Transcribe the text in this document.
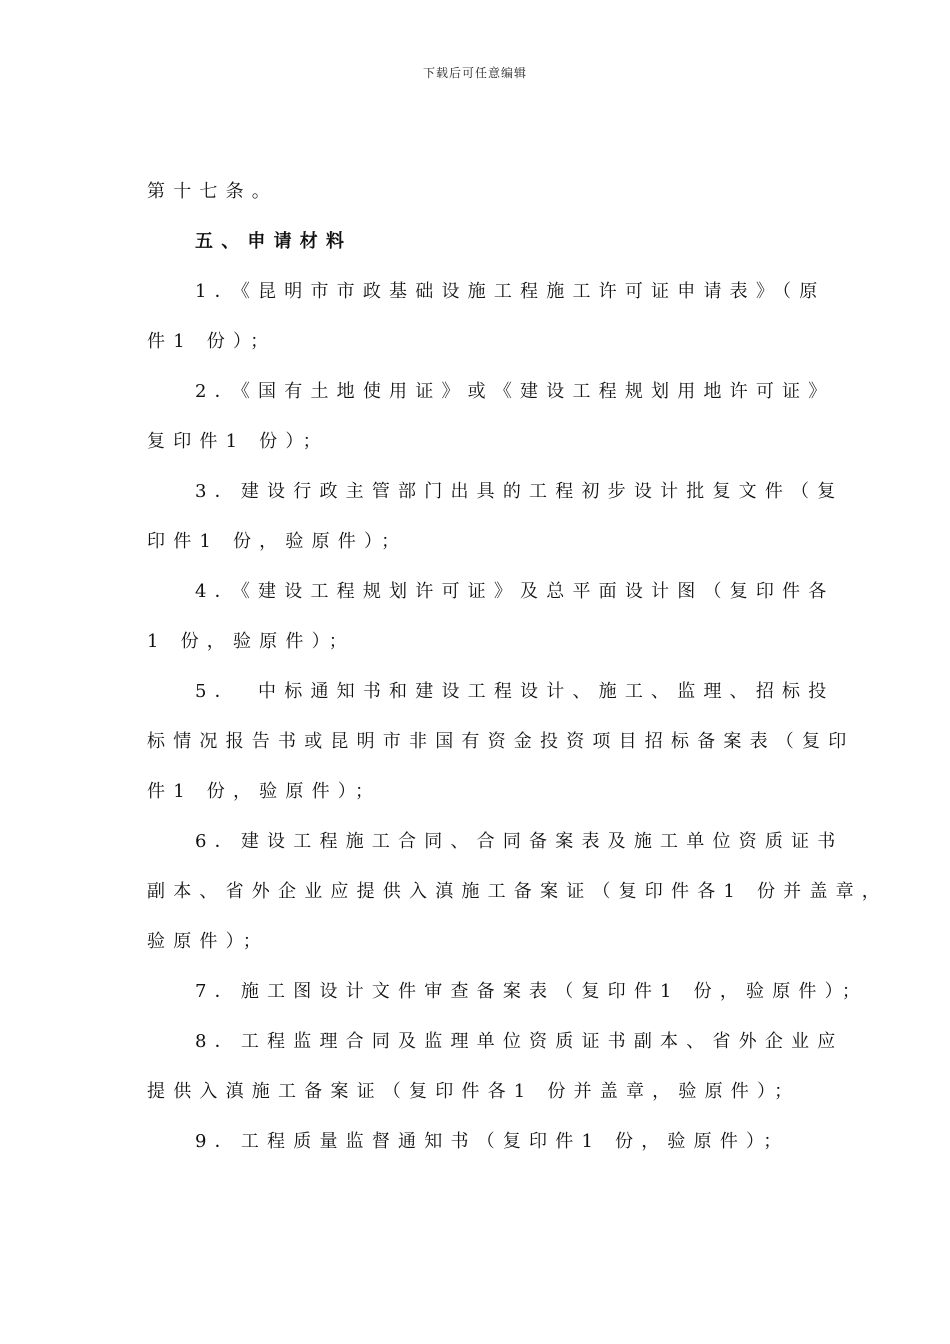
下载后可任意编辑
第十七条。
五、申请材料
1．《昆明市市政基础设施工程施工许可证申请表》（原
件1 份）；
2．《国有土地使用证》或《建设工程规划用地许可证》
复印件1 份）；
3．建设行政主管部门出具的工程初步设计批复文件（复
印件1 份，验原件）；
4．《建设工程规划许可证》及总平面设计图（复印件各
1 份，验原件）；
5．　中标通知书和建设工程设计、施工、监理、招标投
标情况报告书或昆明市非国有资金投资项目招标备案表（复印
件1 份，验原件）；
6．建设工程施工合同、合同备案表及施工单位资质证书
副本、省外企业应提供入滇施工备案证（复印件各1 份并盖章，
验原件）；
7．施工图设计文件审查备案表（复印件1 份，验原件）；
8．工程监理合同及监理单位资质证书副本、省外企业应
提供入滇施工备案证（复印件各1 份并盖章，验原件）；
9．工程质量监督通知书（复印件1 份，验原件）；
